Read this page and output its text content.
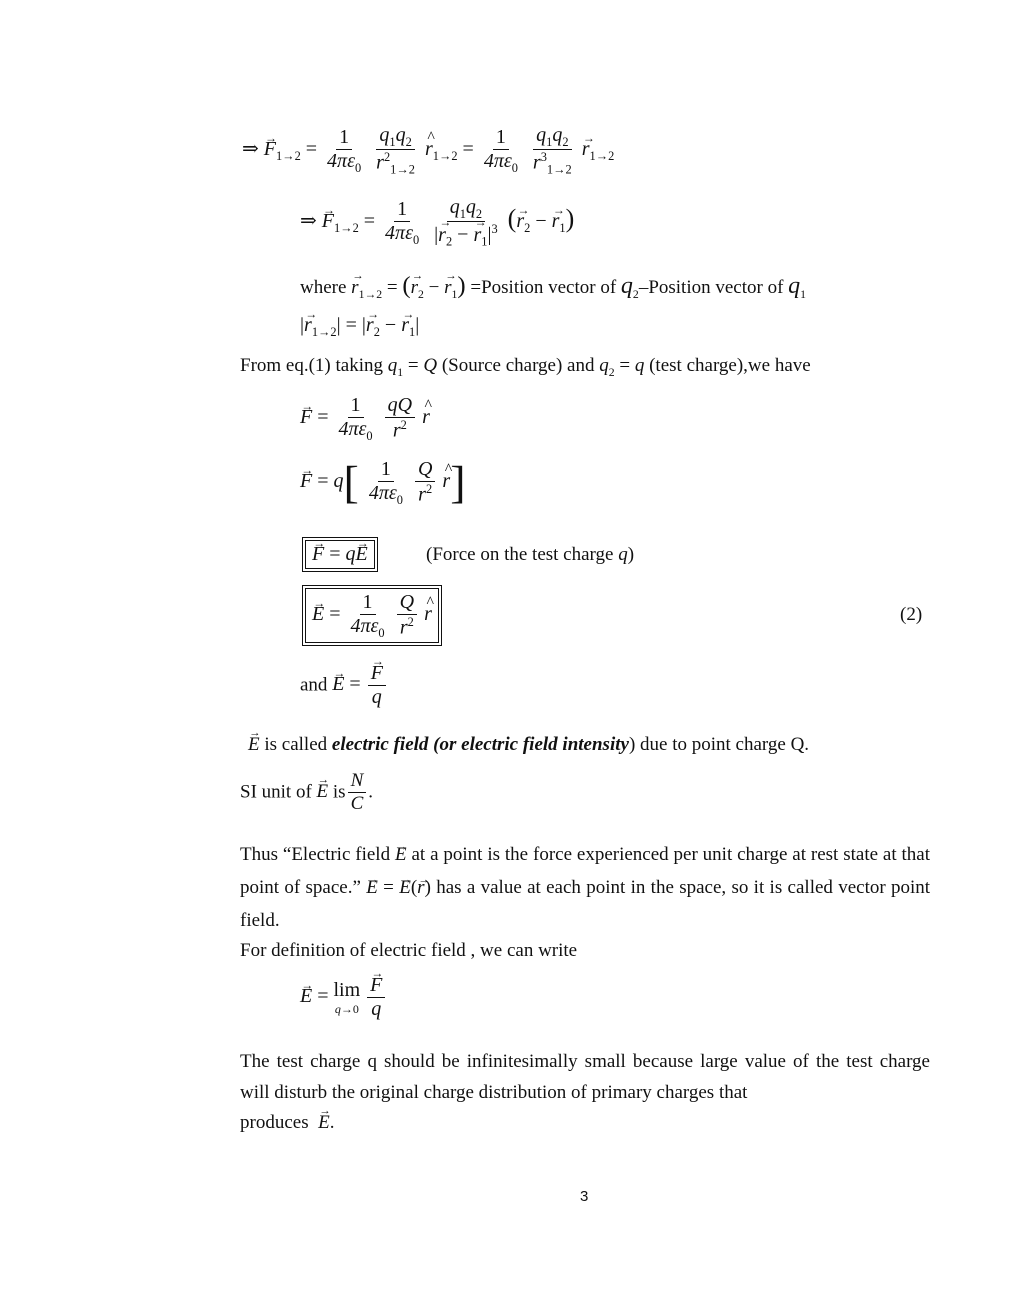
⇒ → $F_{1\to 2} = \frac{1}{4\pi\varepsilon_0}$
$\frac{q_1q_2}{r^2_{1\to 2}}$
^ $r_{1\to 2} = \frac{1}{4\pi\varepsilon_0}$
$\frac{q_1q_2}{r^3_{1\to 2}}$
→ $r_{1\to 2}$
⇒ → $F_{1\to 2} = \frac{1}{4\pi\varepsilon_0}$
$\frac{q_1q_2}{|\to r_2 - \to r_1|^3}$ (→ $r_2$ − → $r_1$)
where → $r_{1\to 2}$ = (→ $r_2$ − → $r_1$) =Position vector of $q_2$–Position vector of $q_1$
|→ $r_{1\to 2}|$ = |→ $r_2$ − → $r_1|$
From eq.(1) taking $q_1 = Q$ (Source charge) and $q_2 = q$ (test charge),we have
→ $F = \frac{1}{4\pi\varepsilon_0}$
$\frac{qQ}{r^2}$
^ r
→ $F = q[ \frac{1}{4\pi\varepsilon_0}$
$\frac{Q}{r^2}$
^ r]
→ F = q→ E	(Force on the test charge q)
→ $E = \frac{1}{4\pi\varepsilon_0}$
$\frac{Q}{r^2}$
^ r	(2)
and → E =
→ $\frac{F}{q}$
→ E is called electric field (or electric field intensity) due to point charge Q.
SI unit of → E is $\frac{N}{C}$ .
Thus “Electric field → E at a point is the force experienced per unit charge at rest state at that point of space.” → E = → E(→ r) has a value at each point in the space, so it is called vector point field.
For definition of electric field , we can write
→ E = lim
q→0

→ $\frac{F}{q}$
The test charge q should be infinitesimally small because large value of the test charge will disturb the original charge distribution of primary charges that
produces  → E.
3
